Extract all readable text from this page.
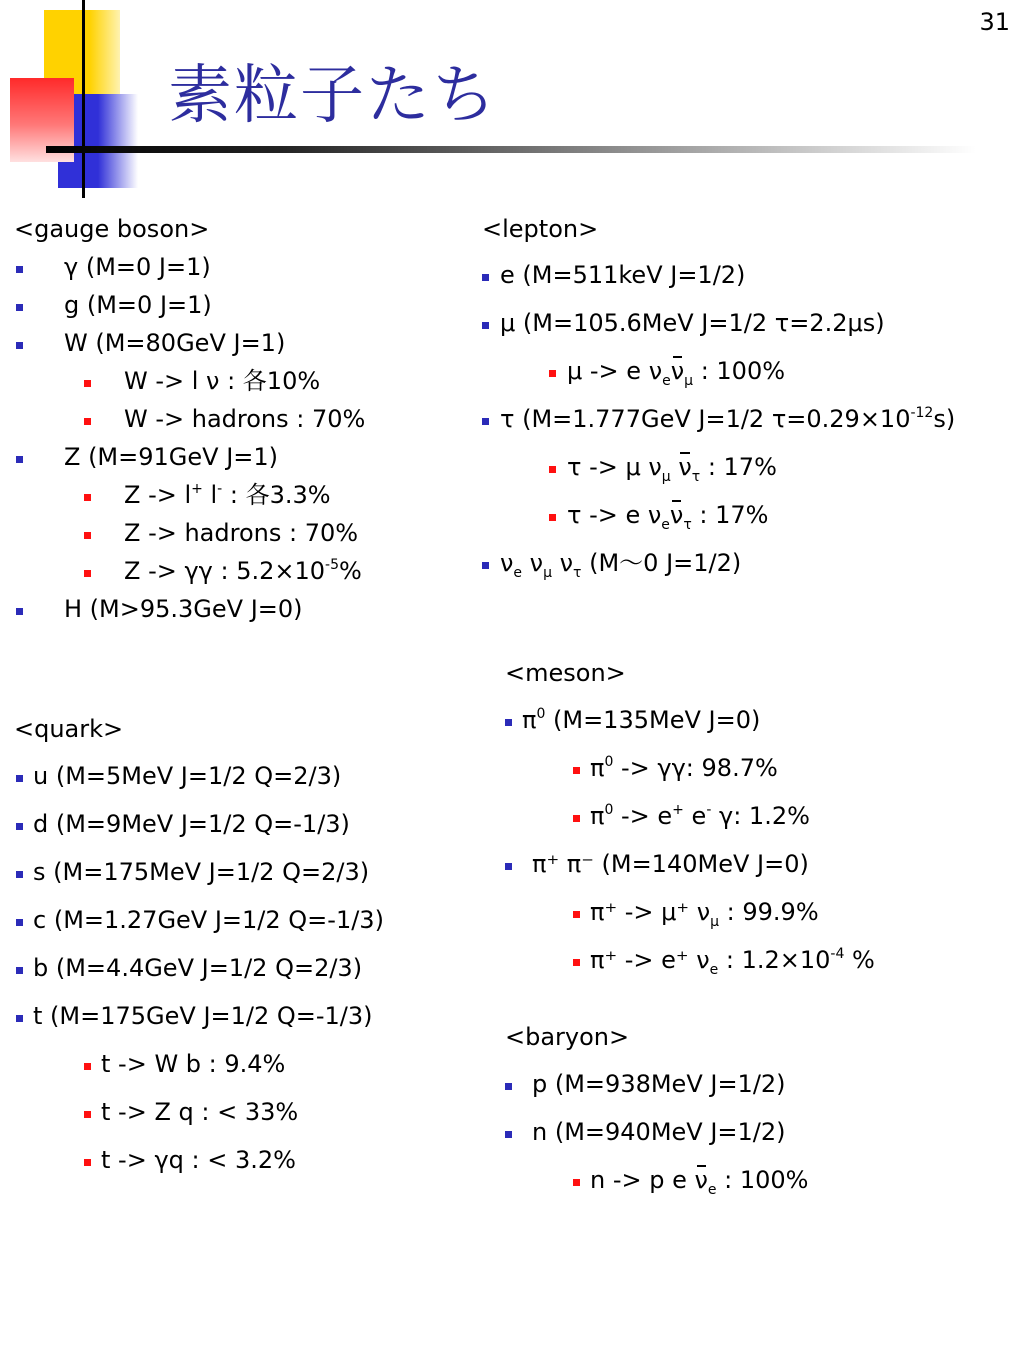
31
素粒子たち
<gauge boson>
γ (M=0 J=1)
g (M=0 J=1)
W (M=80GeV J=1)
W -> l ν : 各10%
W -> hadrons : 70%
Z (M=91GeV J=1)
Z -> l+ l- : 各3.3%
Z -> hadrons : 70%
Z -> γγ : $5.2\times 10^{-5}\%$
H (M>95.3GeV J=0)
<lepton>
e (M=511keV J=1/2)
μ (M=105.6MeV J=1/2 τ=2.2μs)
μ -> e $\nu_e\nu_\mu$ : 100%
τ (M=1.777GeV J=1/2 $\tau=0.29\times 10^{-12}s$)
τ -> μ $\nu_\mu$ $\nu_\tau$ : 17%
τ -> e $\nu_e\nu_\tau$ : 17%
$\nu_e$ $\nu_\mu$ $\nu_\tau$ (M〜0 J=1/2)
<quark>
u (M=5MeV J=1/2 Q=2/3)
d (M=9MeV J=1/2 Q=-1/3)
s (M=175MeV J=1/2 Q=2/3)
c (M=1.27GeV J=1/2 Q=-1/3)
b (M=4.4GeV J=1/2 Q=2/3)
t (M=175GeV J=1/2 Q=-1/3)
t -> W b : 9.4%
t -> Z q : < 33%
t -> γq : < 3.2%
<meson>
$\pi^0$ (M=135MeV J=0)
$\pi^0 -> \gamma\gamma$: 98.7%
$\pi^0 -> e^+$ e- γ: 1.2%
π⁺ π⁻ (M=140MeV J=0)
π⁺ -> μ⁺ $\nu_\mu$ : 99.9%
π⁺ -> e⁺ $\nu_e$ : $1.2\times 10^{-4}$ %
<baryon>
p (M=938MeV J=1/2)
n (M=940MeV J=1/2)
n -> p e $\nu_e$ : 100%
